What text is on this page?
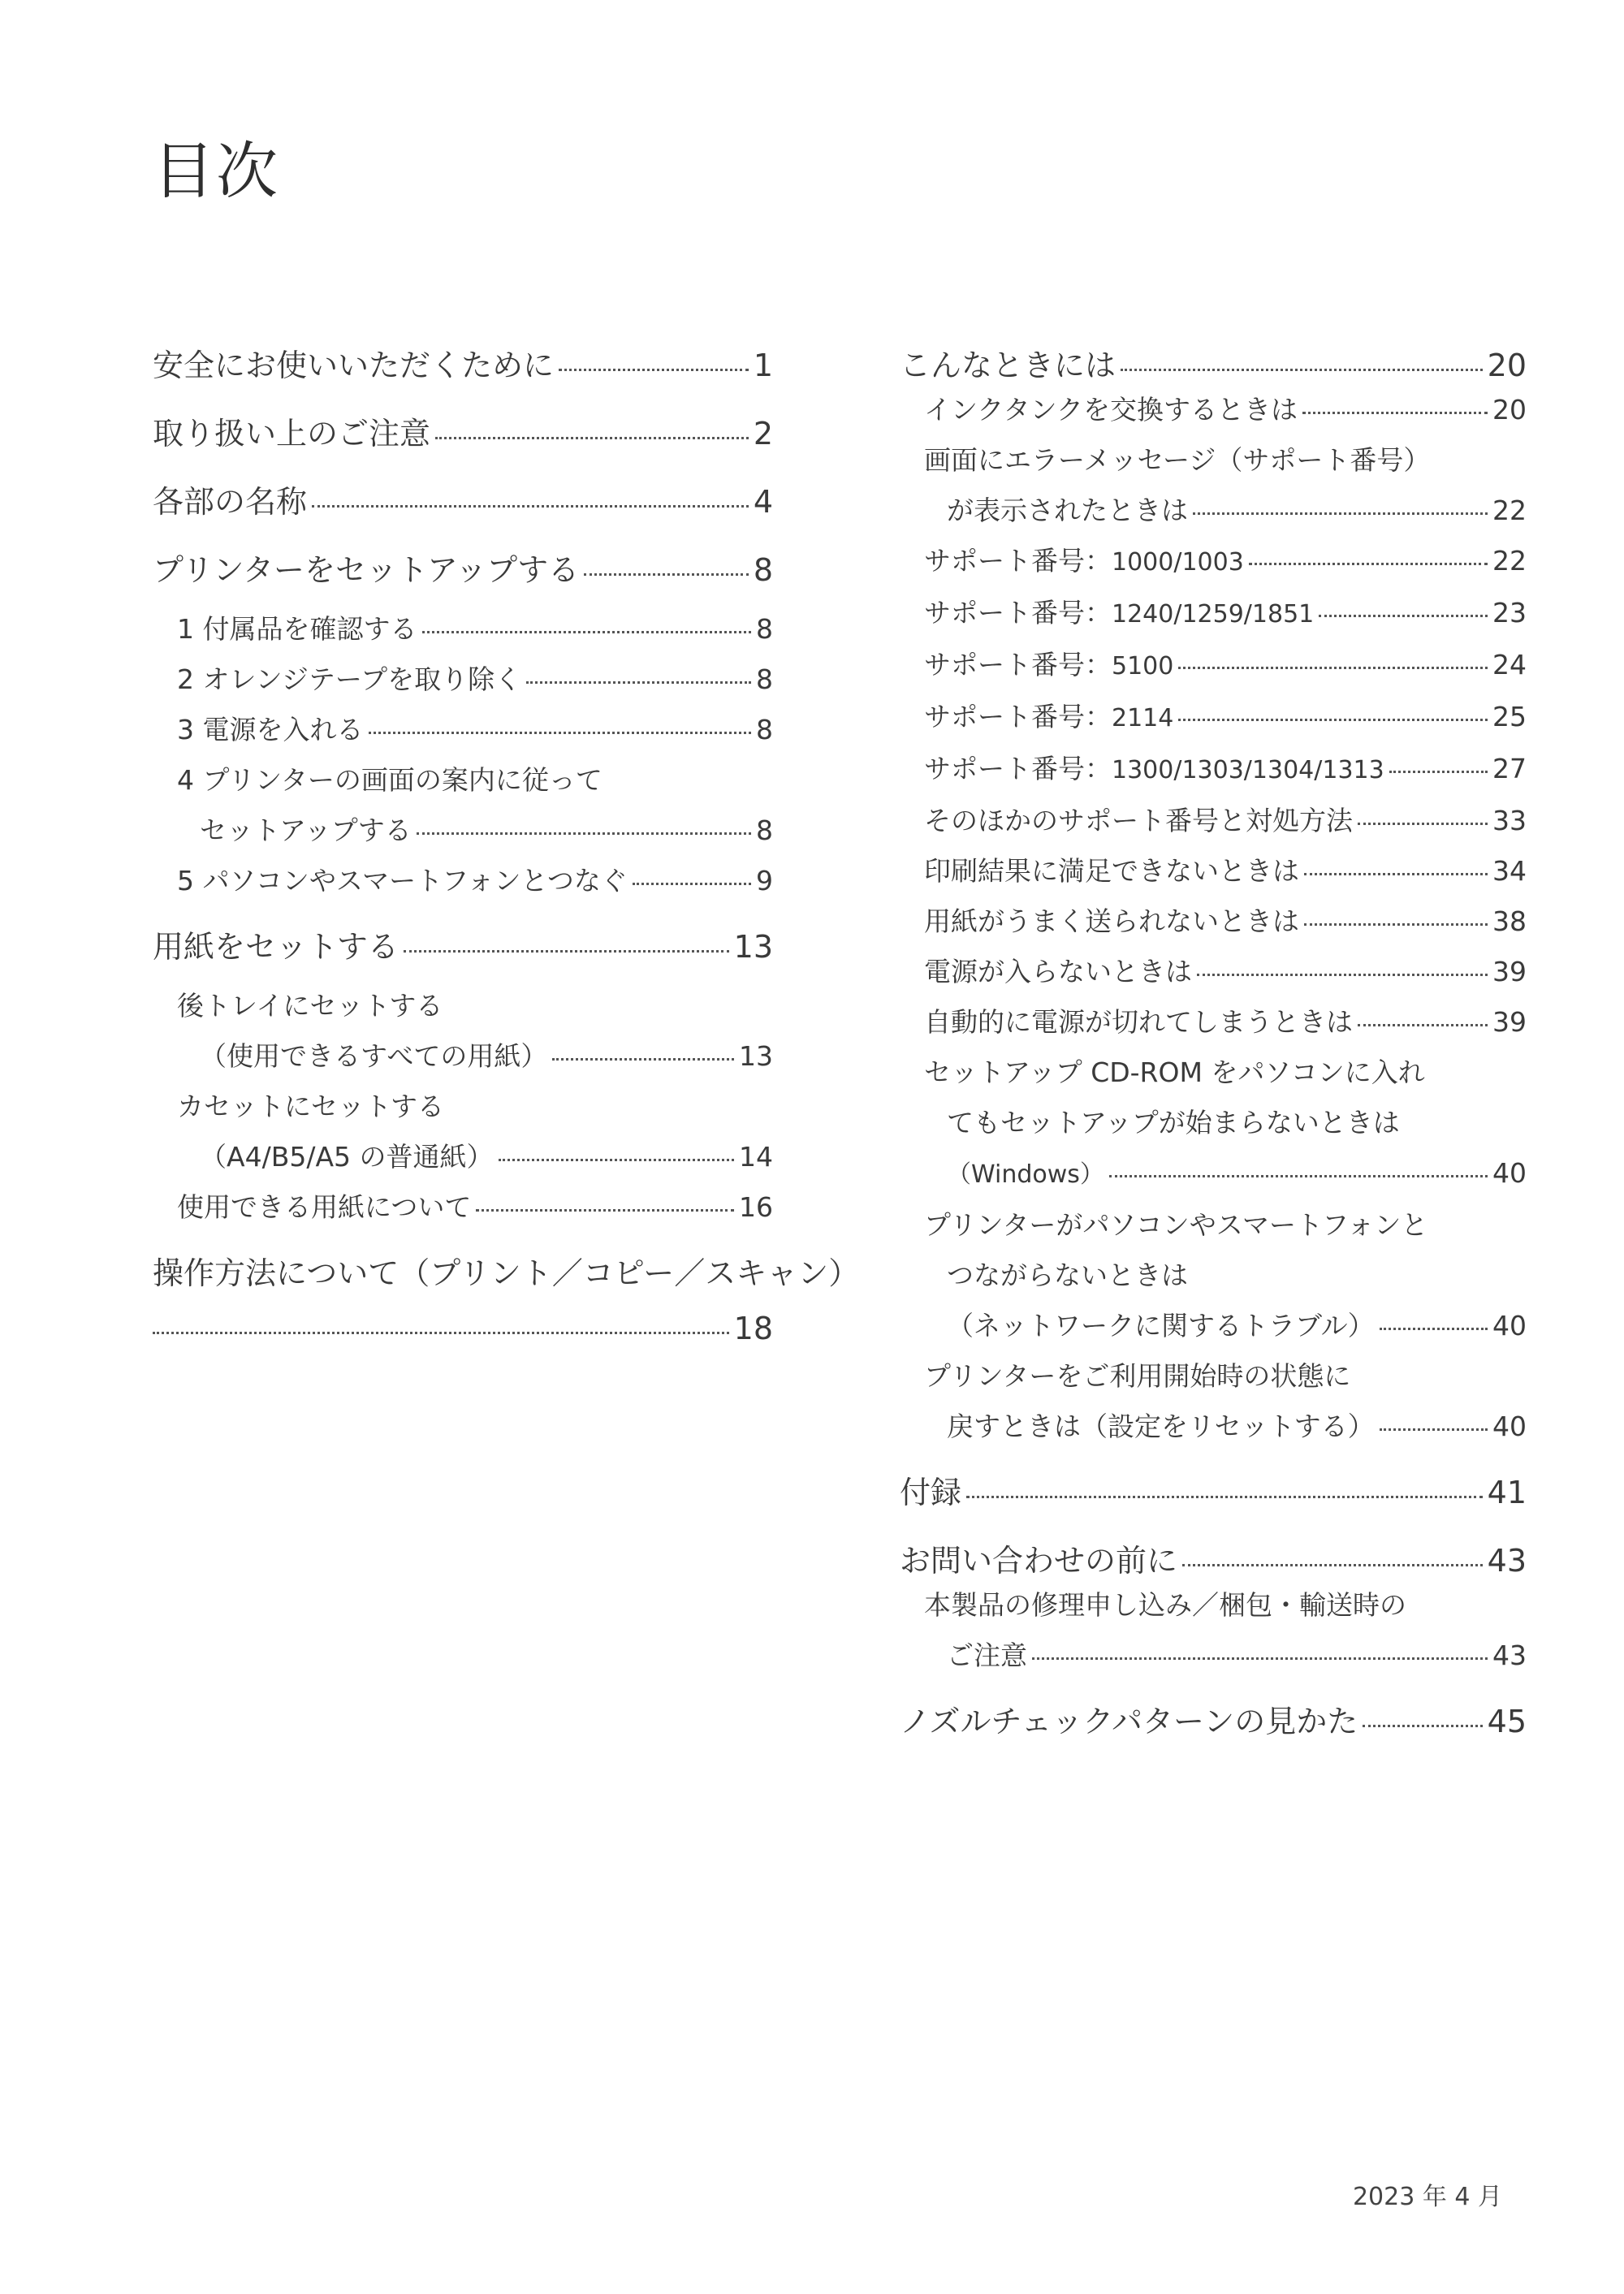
目次
安全にお使いいただくために	1
取り扱い上のご注意	2
各部の名称	4
プリンターをセットアップする	8
1 付属品を確認する	8
2 オレンジテープを取り除く	8
3 電源を入れる	8
4 プリンターの画面の案内に従って
セットアップする	8
5 パソコンやスマートフォンとつなぐ	9
用紙をセットする	13
後トレイにセットする
（使用できるすべての用紙）	13
カセットにセットする
（A4/B5/A5 の普通紙）	14
使用できる用紙について	16
操作方法について（プリント／コピー／スキャン）
18
こんなときには	20
インクタンクを交換するときは	20
画面にエラーメッセージ（サポート番号）
が表示されたときは	22
サポート番号：1000/1003	22
サポート番号：1240/1259/1851	23
サポート番号：5100	24
サポート番号：2114	25
サポート番号：1300/1303/1304/1313	27
そのほかのサポート番号と対処方法	33
印刷結果に満足できないときは	34
用紙がうまく送られないときは	38
電源が入らないときは	39
自動的に電源が切れてしまうときは	39
セットアップ CD-ROM をパソコンに入れ
てもセットアップが始まらないときは
（Windows）	40
プリンターがパソコンやスマートフォンと
つながらないときは
（ネットワークに関するトラブル）	40
プリンターをご利用開始時の状態に
戻すときは（設定をリセットする）	40
付録	41
お問い合わせの前に	43
本製品の修理申し込み／梱包・輸送時の
ご注意	43
ノズルチェックパターンの見かた	45
2023 年 4 月
